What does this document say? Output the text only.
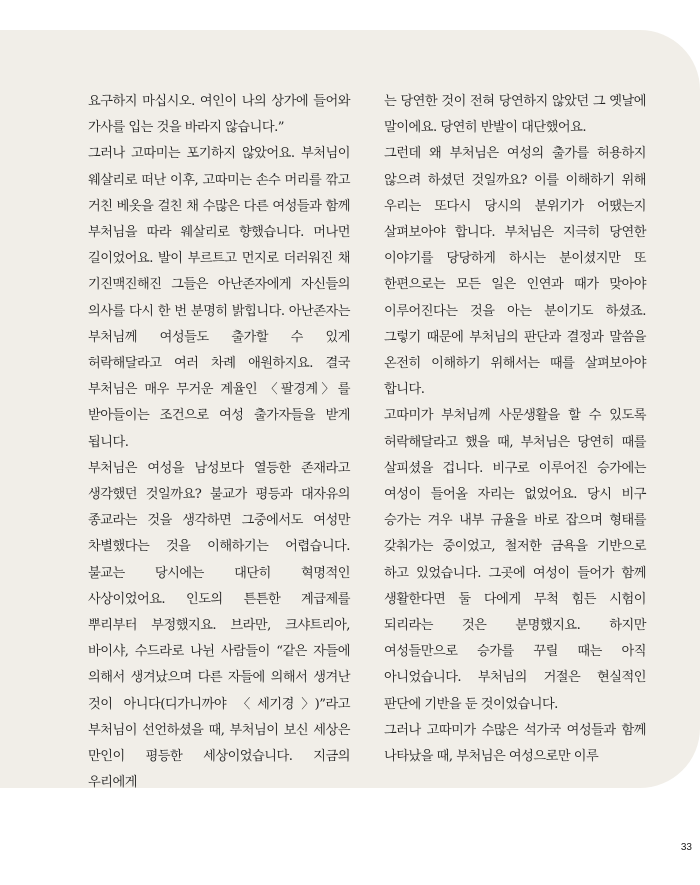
요구하지 마십시오. 여인이 나의 상가에 들어와 가사를 입는 것을 바라지 않습니다.”

그러나 고따미는 포기하지 않았어요. 부처님이 웨살리로 떠난 이후, 고따미는 손수 머리를 깎고 거친 베옷을 걸친 채 수많은 다른 여성들과 함께 부처님을 따라 웨살리로 향했습니다. 머나먼 길이었어요. 발이 부르트고 먼지로 더러워진 채 기진맥진해진 그들은 아난존자에게 자신들의 의사를 다시 한 번 분명히 밝힙니다. 아난존자는 부처님께 여성들도 출가할 수 있게 허락해달라고 여러 차례 애원하지요. 결국 부처님은 매우 무거운 계율인 〈팔경계〉를 받아들이는 조건으로 여성 출가자들을 받게 됩니다.

부처님은 여성을 남성보다 열등한 존재라고 생각했던 것일까요? 불교가 평등과 대자유의 종교라는 것을 생각하면 그중에서도 여성만 차별했다는 것을 이해하기는 어렵습니다. 불교는 당시에는 대단히 혁명적인 사상이었어요. 인도의 튼튼한 계급제를 뿌리부터 부정했지요. 브라만, 크샤트리아, 바이샤, 수드라로 나뉜 사람들이 “같은 자들에 의해서 생겨났으며 다른 자들에 의해서 생겨난 것이 아니다(디가니까야 〈세기경〉)”라고 부처님이 선언하셨을 때, 부처님이 보신 세상은 만인이 평등한 세상이었습니다. 지금의 우리에게

는 당연한 것이 전혀 당연하지 않았던 그 옛날에 말이에요. 당연히 반발이 대단했어요.

그런데 왜 부처님은 여성의 출가를 허용하지 않으려 하셨던 것일까요? 이를 이해하기 위해 우리는 또다시 당시의 분위기가 어땠는지 살펴보아야 합니다. 부처님은 지극히 당연한 이야기를 당당하게 하시는 분이셨지만 또 한편으로는 모든 일은 인연과 때가 맞아야 이루어진다는 것을 아는 분이기도 하셨죠. 그렇기 때문에 부처님의 판단과 결정과 말씀을 온전히 이해하기 위해서는 때를 살펴보아야 합니다.

고따미가 부처님께 사문생활을 할 수 있도록 허락해달라고 했을 때, 부처님은 당연히 때를 살피셨을 겁니다. 비구로 이루어진 승가에는 여성이 들어올 자리는 없었어요. 당시 비구 승가는 겨우 내부 규율을 바로 잡으며 형태를 갖춰가는 중이었고, 철저한 금욕을 기반으로 하고 있었습니다. 그곳에 여성이 들어가 함께 생활한다면 둘 다에게 무척 힘든 시험이 되리라는 것은 분명했지요. 하지만 여성들만으로 승가를 꾸릴 때는 아직 아니었습니다. 부처님의 거절은 현실적인 판단에 기반을 둔 것이었습니다.

그러나 고따미가 수많은 석가국 여성들과 함께 나타났을 때, 부처님은 여성으로만 이루

33
